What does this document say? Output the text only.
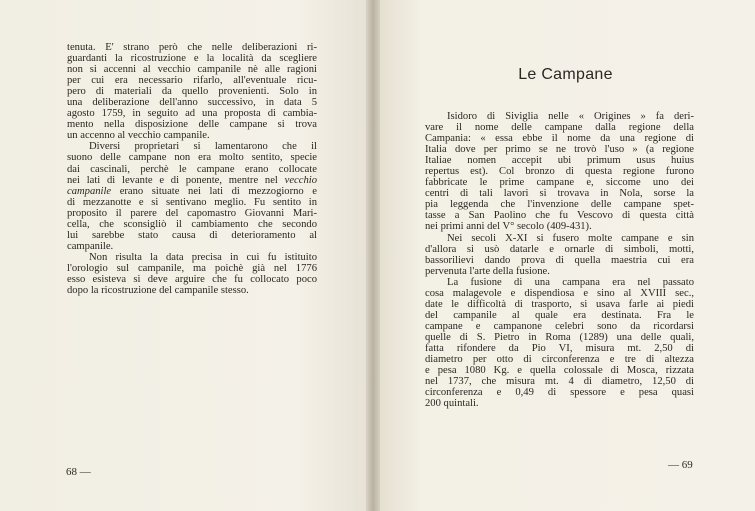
tenuta. E' strano però che nelle deliberazioni ri-
guardanti la ricostruzione e la località da scegliere
non si accenni al vecchio campanile nè alle ragioni
per cui era necessario rifarlo, all'eventuale ricu-
pero di materiali da quello provenienti. Solo in
una deliberazione dell'anno successivo, in data 5
agosto 1759, in seguito ad una proposta di cambia-
mento nella disposizione delle campane si trova
un accenno al vecchio campanile.
Diversi proprietari si lamentarono che il
suono delle campane non era molto sentito, specie
dai cascinali, perchè le campane erano collocate
nei lati di levante e di ponente, mentre nel vecchio
campanile erano situate nei lati di mezzogiorno e
di mezzanotte e si sentivano meglio. Fu sentito in
proposito il parere del capomastro Giovanni Mari-
cella, che sconsigliò il cambiamento che secondo
lui sarebbe stato causa di deterioramento al
campanile.
Non risulta la data precisa in cui fu istituito
l'orologio sul campanile, ma poichè già nel 1776
esso esisteva si deve arguire che fu collocato poco
dopo la ricostruzione del campanile stesso.
Le Campane
Isidoro di Siviglia nelle « Origines » fa deri-
vare il nome delle campane dalla regione della
Campania: « essa ebbe il nome da una regione di
Italia dove per primo se ne trovò l'uso » (a regione
Italiae nomen accepit ubi primum usus huius
repertus est). Col bronzo di questa regione furono
fabbricate le prime campane e, siccome uno dei
centri di tali lavori si trovava in Nola, sorse la
pia leggenda che l'invenzione delle campane spet-
tasse a San Paolino che fu Vescovo di questa città
nei primi anni del V° secolo (409-431).
Nei secoli X-XI si fusero molte campane e sin
d'allora si usò datarle e ornarle di simboli, motti,
bassorilievi dando prova di quella maestria cui era
pervenuta l'arte della fusione.
La fusione di una campana era nel passato
cosa malagevole e dispendiosa e sino al XVIII sec.,
date le difficoltà di trasporto, si usava farle ai piedi
del campanile al quale era destinata. Fra le
campane e campanone celebri sono da ricordarsi
quelle di S. Pietro in Roma (1289) una delle quali,
fatta rifondere da Pio VI, misura mt. 2,50 di
diametro per otto di circonferenza e tre di altezza
e pesa 1080 Kg. e quella colossale di Mosca, rizzata
nel 1737, che misura mt. 4 di diametro, 12,50 di
circonferenza e 0,49 di spessore e pesa quasi
200 quintali.
68 —
— 69
